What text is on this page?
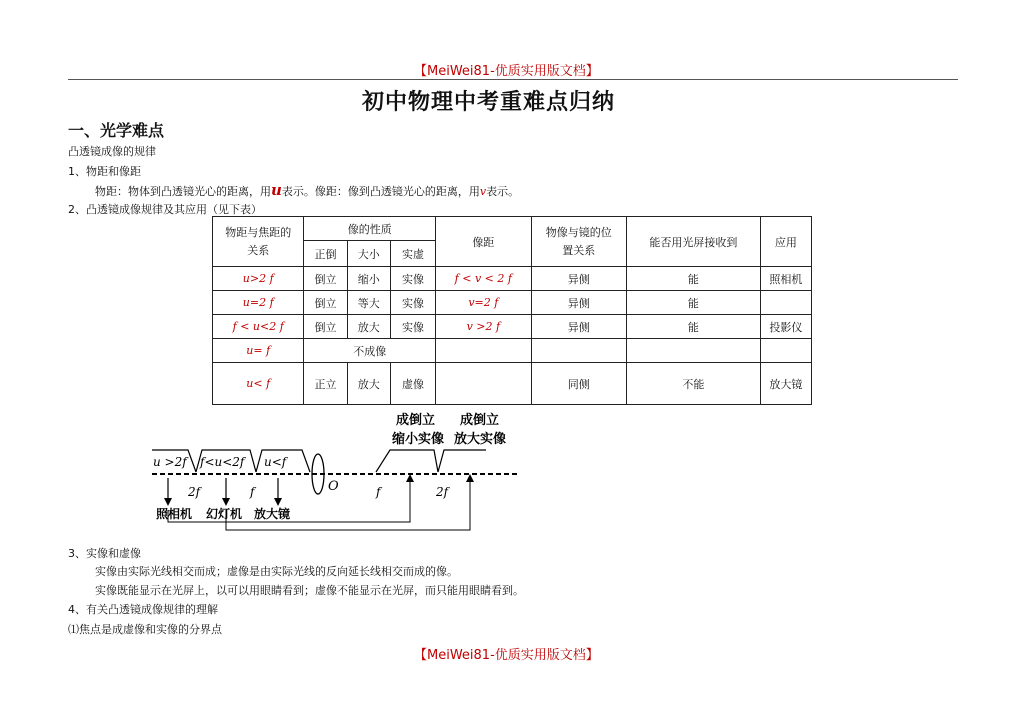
【MeiWei81-优质实用版文档】
初中物理中考重难点归纳
一、光学难点
凸透镜成像的规律
1、物距和像距
物距：物体到凸透镜光心的距离，用u表示。像距：像到凸透镜光心的距离，用v表示。
2、凸透镜成像规律及其应用（见下表）
物距与焦距的关系	像的性质			像距	物像与镜的位置关系	能否用光屏接收到	应用
	正倒	大小	实虚				
u>2 f	倒立	缩小	实像	f < v < 2 f	异侧	能	照相机
u=2 f	倒立	等大	实像	v=2 f	异侧	能	
f < u<2 f	倒立	放大	实像	v >2 f	异侧	能	投影仪
u= f	不成像						
u< f	正立	放大	虚像		同侧	不能	放大镜
成倒立 成倒立
缩小实像 放大实像
u >2f f<u<2f u<f
O
2f	f	f	2f
照相机 幻灯机 放大镜
3、实像和虚像
实像由实际光线相交而成；虚像是由实际光线的反向延长线相交而成的像。
实像既能显示在光屏上，以可以用眼睛看到；虚像不能显示在光屏，而只能用眼睛看到。
4、有关凸透镜成像规律的理解
⑴焦点是成虚像和实像的分界点
【MeiWei81-优质实用版文档】
